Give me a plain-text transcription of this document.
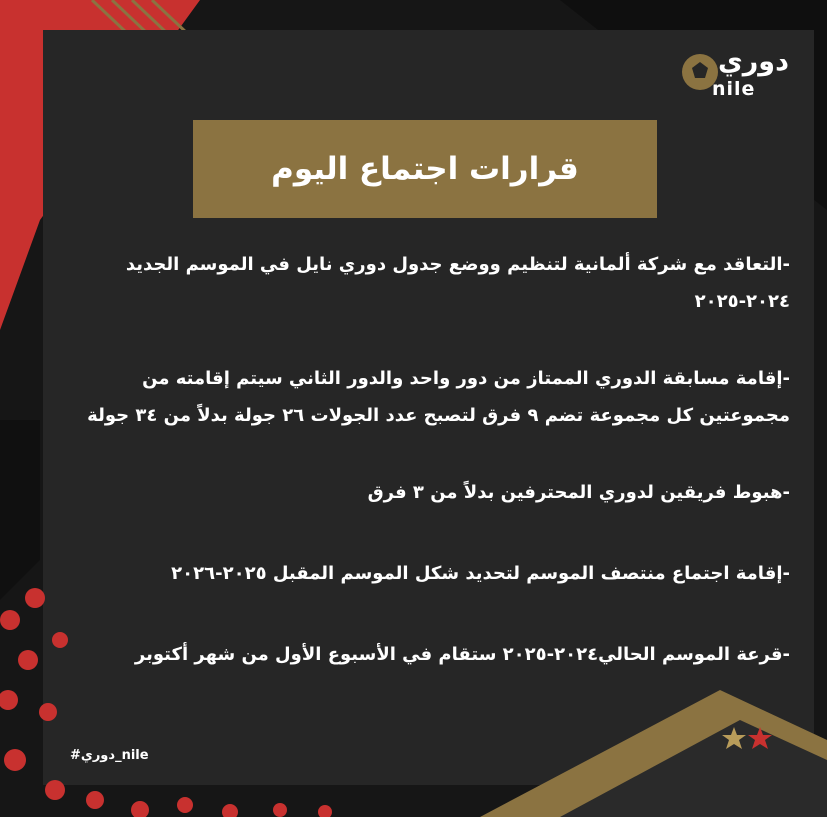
دوري
nile
قرارات اجتماع اليوم
-التعاقد مع شركة ألمانية لتنظيم ووضع جدول دوري نايل في الموسم الجديد ٢٠٢٤-٢٠٢٥
-إقامة مسابقة الدوري الممتاز من دور واحد والدور الثاني سيتم إقامته من مجموعتين كل مجموعة تضم ٩ فرق لتصبح عدد الجولات ٢٦ جولة بدلاً من ٣٤ جولة
-هبوط فريقين لدوري المحترفين بدلاً من ٣ فرق
-إقامة اجتماع منتصف الموسم لتحديد شكل الموسم المقبل ٢٠٢٥-٢٠٢٦
-قرعة الموسم الحالي٢٠٢٤-٢٠٢٥ ستقام في الأسبوع الأول من شهر أكتوبر
#دوري_nile
